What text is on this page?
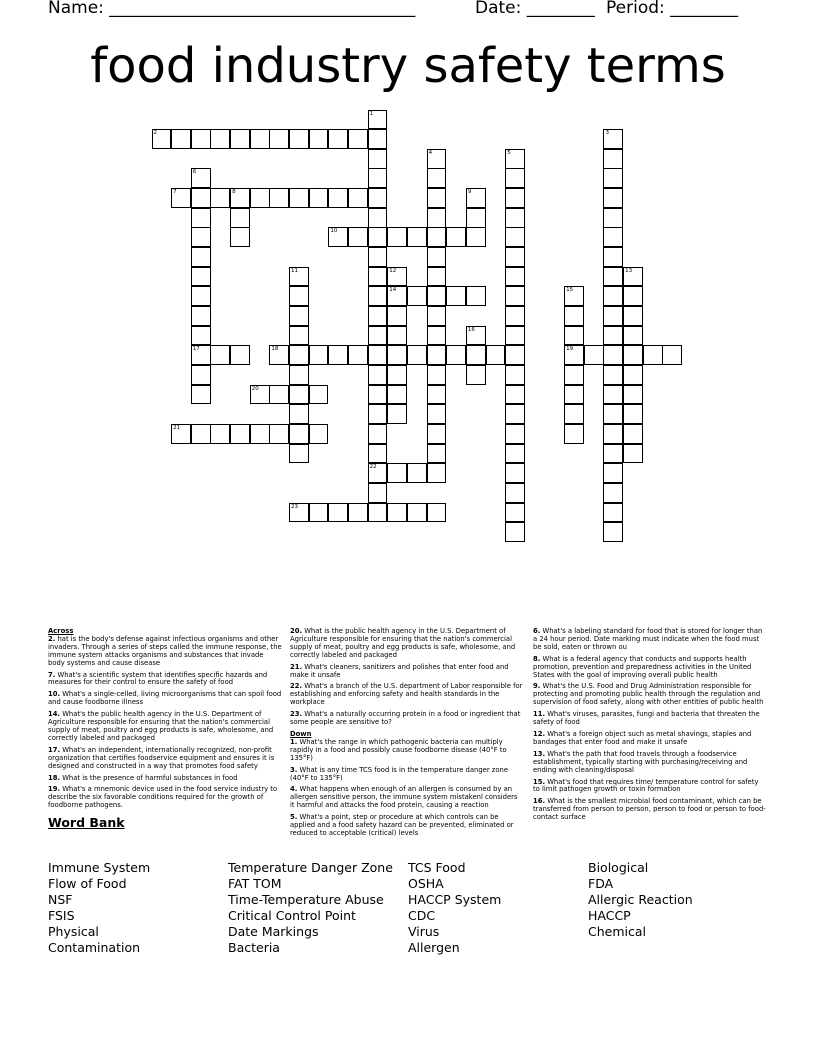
Name: ____________________________________	Date: ________ Period: ________
food industry safety terms
1
22
2	3
4	5
6
17
7	8	9
10
11	12
14
13
15
19
16
18
20
21
23
Across

2. hat is the body's defense against infectious organisms and other invaders. Through a series of steps called the immune response, the immune system attacks organisms and substances that invade body systems and cause disease

7. What's a scientific system that identifies specific hazards and measures for their control to ensure the safety of food

10. What's a single-celled, living microorganisms that can spoil food and cause foodborne illness

14. What's the public health agency in the U.S. Department of Agriculture responsible for ensuring that the nation's commercial supply of meat, poultry and egg products is safe, wholesome, and correctly labeled and packaged

17. What's an independent, internationally recognized, non-profit organization that certifies foodservice equipment and ensures it is designed and constructed in a way that promotes food safety

18. What is the presence of harmful substances in food

19. What's a mnemonic device used in the food service industry to describe the six favorable conditions required for the growth of foodborne pathogens.

20. What is the public health agency in the U.S. Department of Agriculture responsible for ensuring that the nation's commercial supply of meat, poultry and egg products is safe, wholesome, and correctly labeled and packaged

21. What's cleaners, sanitizers and polishes that enter food and make it unsafe

22. What's a branch of the U.S. department of Labor responsible for establishing and enforcing safety and health standards in the workplace

23. What's a naturally occurring protein in a food or ingredient that some people are sensitive to?

Down

1. What's the range in which pathogenic bacteria can multiply rapidly in a food and possibly cause foodborne disease (40°F to 135°F)

3. What is any time TCS food is in the temperature danger zone (40°F to 135°F)

4. What happens when enough of an allergen is consumed by an allergen sensitive person, the immune system mistakenl considers it harmful and attacks the food protein, causing a reaction

5. What's a point, step or procedure at which controls can be applied and a food safety hazard can be prevented, eliminated or reduced to acceptable (critical) levels

6. What's a labeling standard for food that is stored for longer than a 24 hour period. Date marking must indicate when the food must be sold, eaten or thrown ou

8. What is a federal agency that conducts and supports health promotion, prevention and preparedness activities in the United States with the goal of improving overall public health

9. What's the U.S. Food and Drug Administration responsible for protecting and promoting public health through the regulation and supervision of food safety, along with other entities of public health

11. What's viruses, parasites, fungi and bacteria that threaten the safety of food

12. What's a foreign object such as metal shavings, staples and bandages that enter food and make it unsafe

13. What's the path that food travels through a foodservice establishment, typically starting with purchasing/receiving and ending with cleaning/disposal

15. What's food that requires time/ temperature control for safety to limit pathogen growth or toxin formation

16. What is the smallest microbial food contaminant, which can be transferred from person to person, person to food or person to food-contact surface

Word Bank
Immune System
Flow of Food
NSF
FSIS
Physical
Contamination
Temperature Danger Zone
FAT TOM
Time-Temperature Abuse
Critical Control Point
Date Markings
Bacteria
TCS Food
OSHA
HACCP System
CDC
Virus
Allergen
Biological
FDA
Allergic Reaction
HACCP
Chemical
